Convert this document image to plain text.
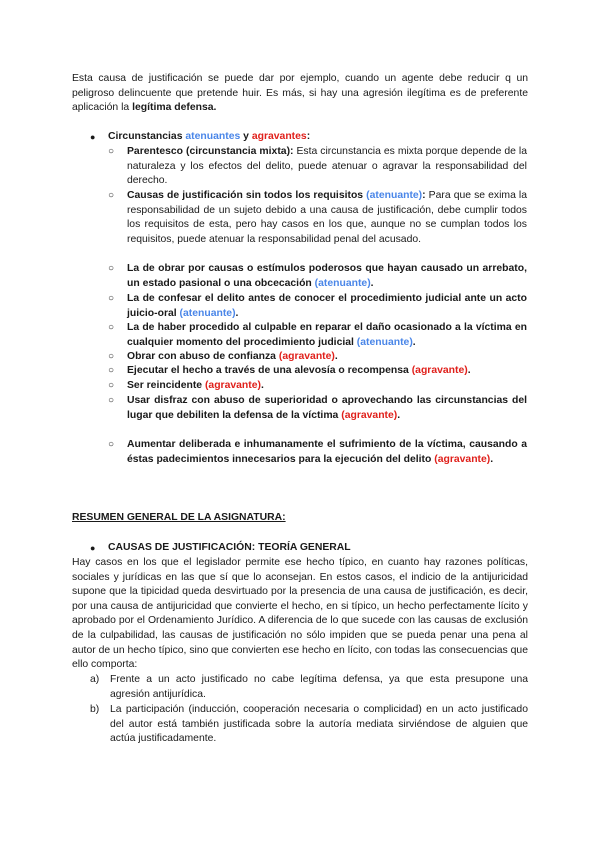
Esta causa de justificación se puede dar por ejemplo, cuando un agente debe reducir q un peligroso delincuente que pretende huir. Es más, si hay una agresión ilegítima es de preferente aplicación la legítima defensa.

● Circunstancias atenuantes y agravantes:
○ Parentesco (circunstancia mixta): Esta circunstancia es mixta porque depende de la naturaleza y los efectos del delito, puede atenuar o agravar la responsabilidad del derecho.
○ Causas de justificación sin todos los requisitos (atenuante): Para que se exima la responsabilidad de un sujeto debido a una causa de justificación, debe cumplir todos los requisitos de esta, pero hay casos en los que, aunque no se cumplan todos los requisitos, puede atenuar la responsabilidad penal del acusado.
○ La de obrar por causas o estímulos poderosos que hayan causado un arrebato, un estado pasional o una obcecación (atenuante).
○ La de confesar el delito antes de conocer el procedimiento judicial ante un acto juicio-oral (atenuante).
○ La de haber procedido al culpable en reparar el daño ocasionado a la víctima en cualquier momento del procedimiento judicial (atenuante).
○ Obrar con abuso de confianza (agravante).
○ Ejecutar el hecho a través de una alevosía o recompensa (agravante).
○ Ser reincidente (agravante).
○ Usar disfraz con abuso de superioridad o aprovechando las circunstancias del lugar que debiliten la defensa de la víctima (agravante).
○ Aumentar deliberada e inhumanamente el sufrimiento de la víctima, causando a éstas padecimientos innecesarios para la ejecución del delito (agravante).
RESUMEN GENERAL DE LA ASIGNATURA:
● CAUSAS DE JUSTIFICACIÓN: TEORÍA GENERAL

Hay casos en los que el legislador permite ese hecho típico, en cuanto hay razones políticas, sociales y jurídicas en las que sí que lo aconsejan. En estos casos, el indicio de la antijuricidad supone que la tipicidad queda desvirtuado por la presencia de una causa de justificación, es decir, por una causa de antijuricidad que convierte el hecho, en si típico, un hecho perfectamente lícito y aprobado por el Ordenamiento Jurídico. A diferencia de lo que sucede con las causas de exclusión de la culpabilidad, las causas de justificación no sólo impiden que se pueda penar una pena al autor de un hecho típico, sino que convierten ese hecho en lícito, con todas las consecuencias que ello comporta:

a) Frente a un acto justificado no cabe legítima defensa, ya que esta presupone una agresión antijurídica.
b) La participación (inducción, cooperación necesaria o complicidad) en un acto justificado del autor está también justificada sobre la autoría mediata sirviéndose de alguien que actúa justificadamente.
